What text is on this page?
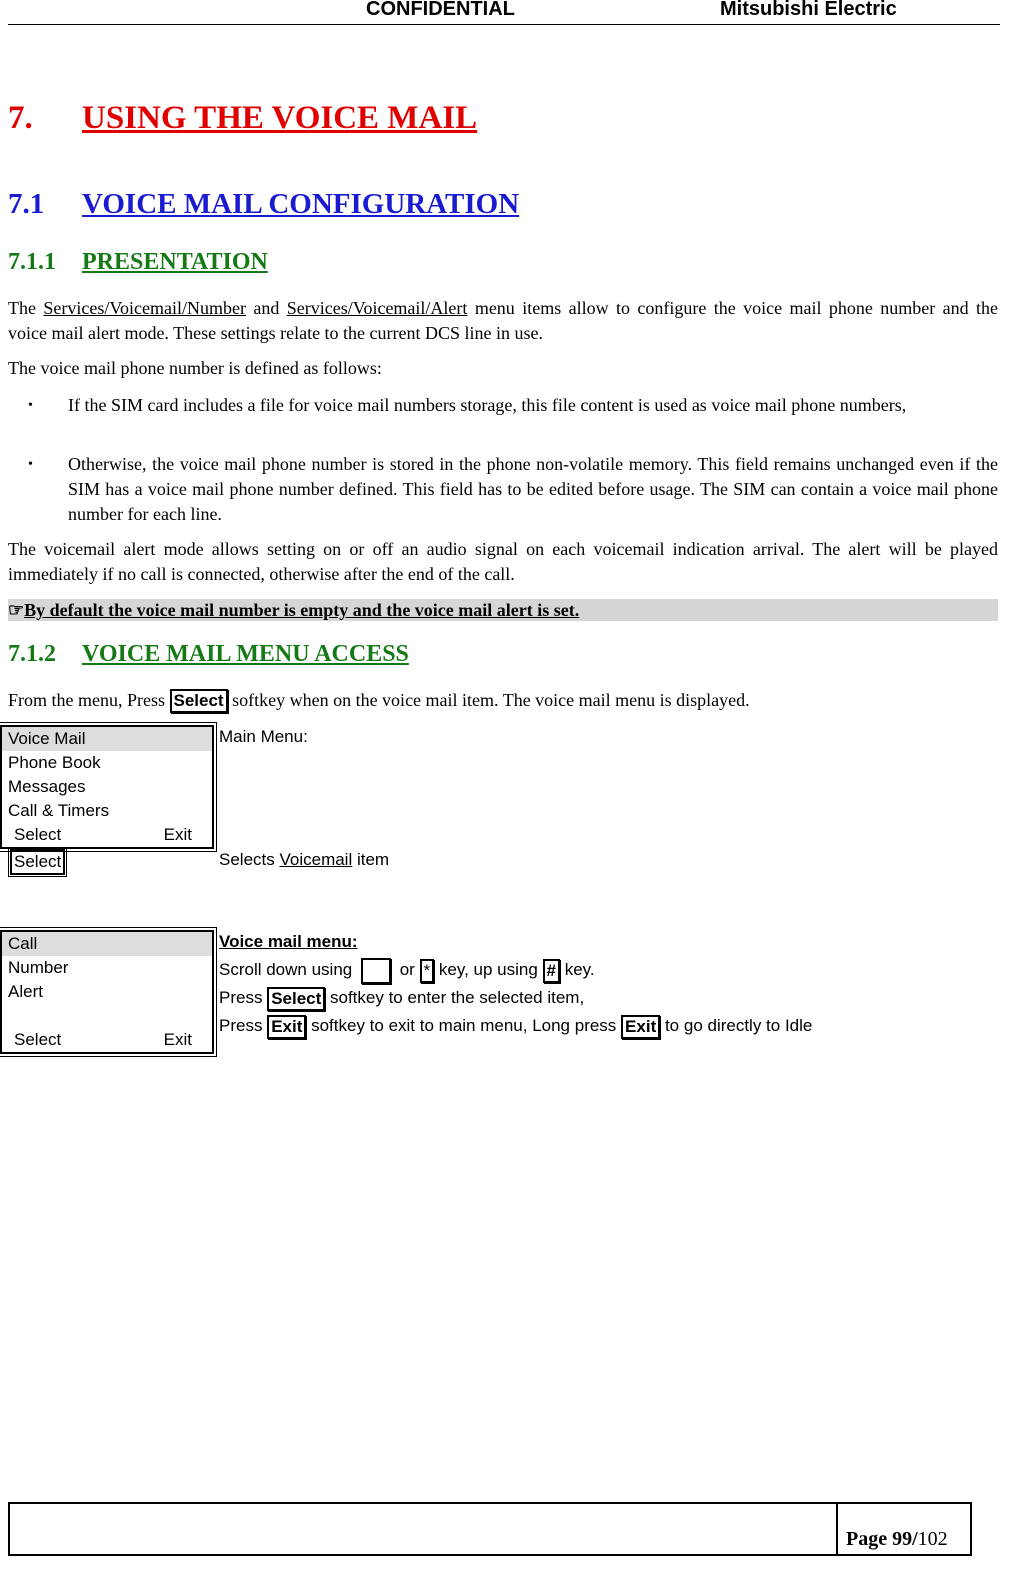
CONFIDENTIAL	Mitsubishi Electric
7. USING THE VOICE MAIL
7.1 VOICE MAIL CONFIGURATION
7.1.1 PRESENTATION
The Services/Voicemail/Number and Services/Voicemail/Alert menu items allow to configure the voice mail phone number and the voice mail alert mode. These settings relate to the current DCS line in use.
The voice mail phone number is defined as follows:
• If the SIM card includes a file for voice mail numbers storage, this file content is used as voice mail phone numbers,
• Otherwise, the voice mail phone number is stored in the phone non-volatile memory. This field remains unchanged even if the SIM has a voice mail phone number defined. This field has to be edited before usage. The SIM can contain a voice mail phone number for each line.
The voicemail alert mode allows setting on or off an audio signal on each voicemail indication arrival. The alert will be played immediately if no call is connected, otherwise after the end of the call.
☞By default the voice mail number is empty and the voice mail alert is set.
7.1.2 VOICE MAIL MENU ACCESS
From the menu, Press Select softkey when on the voice mail item. The voice mail menu is displayed.
Voice Mail
Phone Book
Messages
Call & Timers
Select	Exit
Main Menu:
Select	Selects Voicemail item
Call
Number
Alert
Select	Exit
Voice mail menu:
Scroll down using  or * key, up using # key.
Press Select softkey to enter the selected item,
Press Exit softkey to exit to main menu, Long press Exit to go directly to Idle
Page 99/102
